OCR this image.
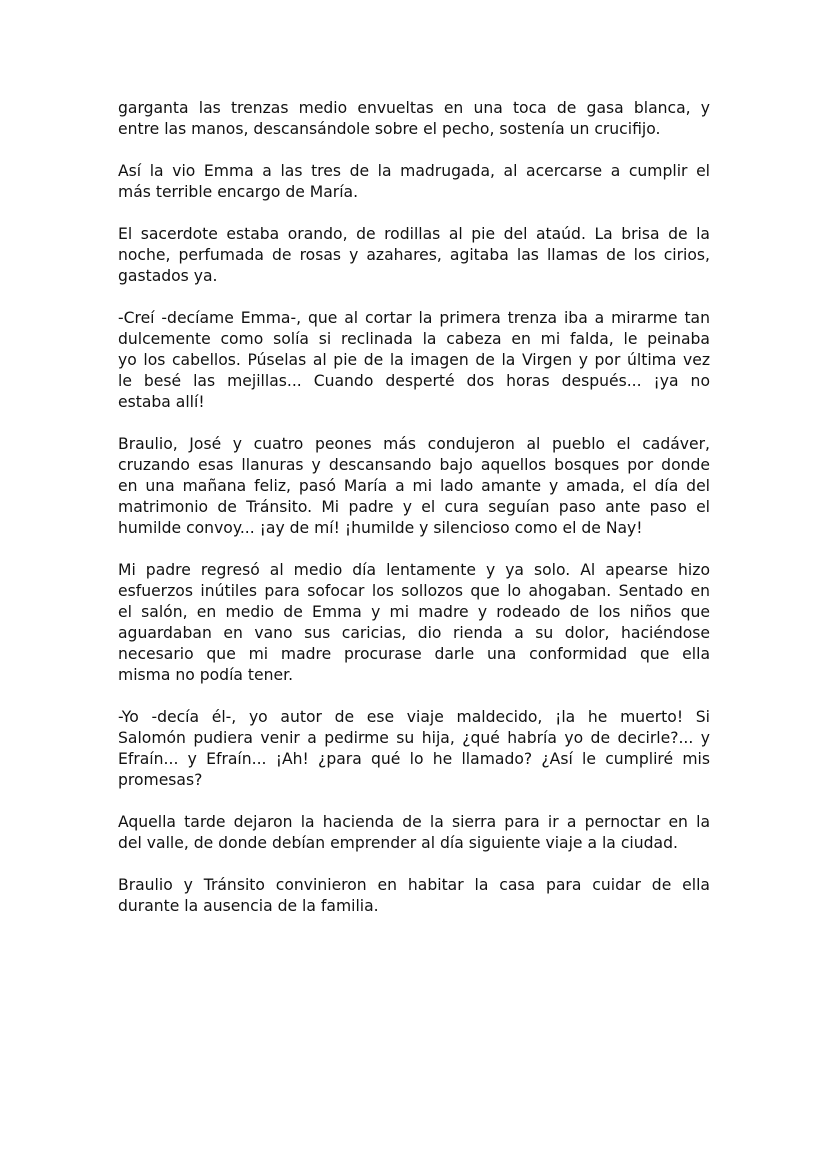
garganta las trenzas medio envueltas en una toca de gasa blanca, y
entre las manos, descansándole sobre el pecho, sostenía un crucifijo.

Así la vio Emma a las tres de la madrugada, al acercarse a cumplir el
más terrible encargo de María.

El sacerdote estaba orando, de rodillas al pie del ataúd. La brisa de la
noche, perfumada de rosas y azahares, agitaba las llamas de los cirios,
gastados ya.

-Creí -decíame Emma-, que al cortar la primera trenza iba a mirarme tan
dulcemente como solía si reclinada la cabeza en mi falda, le peinaba
yo los cabellos. Púselas al pie de la imagen de la Virgen y por última vez
le besé las mejillas... Cuando desperté dos horas después... ¡ya no
estaba allí!

Braulio, José y cuatro peones más condujeron al pueblo el cadáver,
cruzando esas llanuras y descansando bajo aquellos bosques por donde
en una mañana feliz, pasó María a mi lado amante y amada, el día del
matrimonio de Tránsito. Mi padre y el cura seguían paso ante paso el
humilde convoy... ¡ay de mí! ¡humilde y silencioso como el de Nay!

Mi padre regresó al medio día lentamente y ya solo. Al apearse hizo
esfuerzos inútiles para sofocar los sollozos que lo ahogaban. Sentado en
el salón, en medio de Emma y mi madre y rodeado de los niños que
aguardaban en vano sus caricias, dio rienda a su dolor, haciéndose
necesario que mi madre procurase darle una conformidad que ella
misma no podía tener.

-Yo -decía él-, yo autor de ese viaje maldecido, ¡la he muerto! Si
Salomón pudiera venir a pedirme su hija, ¿qué habría yo de decirle?... y
Efraín... y Efraín... ¡Ah! ¿para qué lo he llamado? ¿Así le cumpliré mis
promesas?

Aquella tarde dejaron la hacienda de la sierra para ir a pernoctar en la
del valle, de donde debían emprender al día siguiente viaje a la ciudad.

Braulio y Tránsito convinieron en habitar la casa para cuidar de ella
durante la ausencia de la familia.
